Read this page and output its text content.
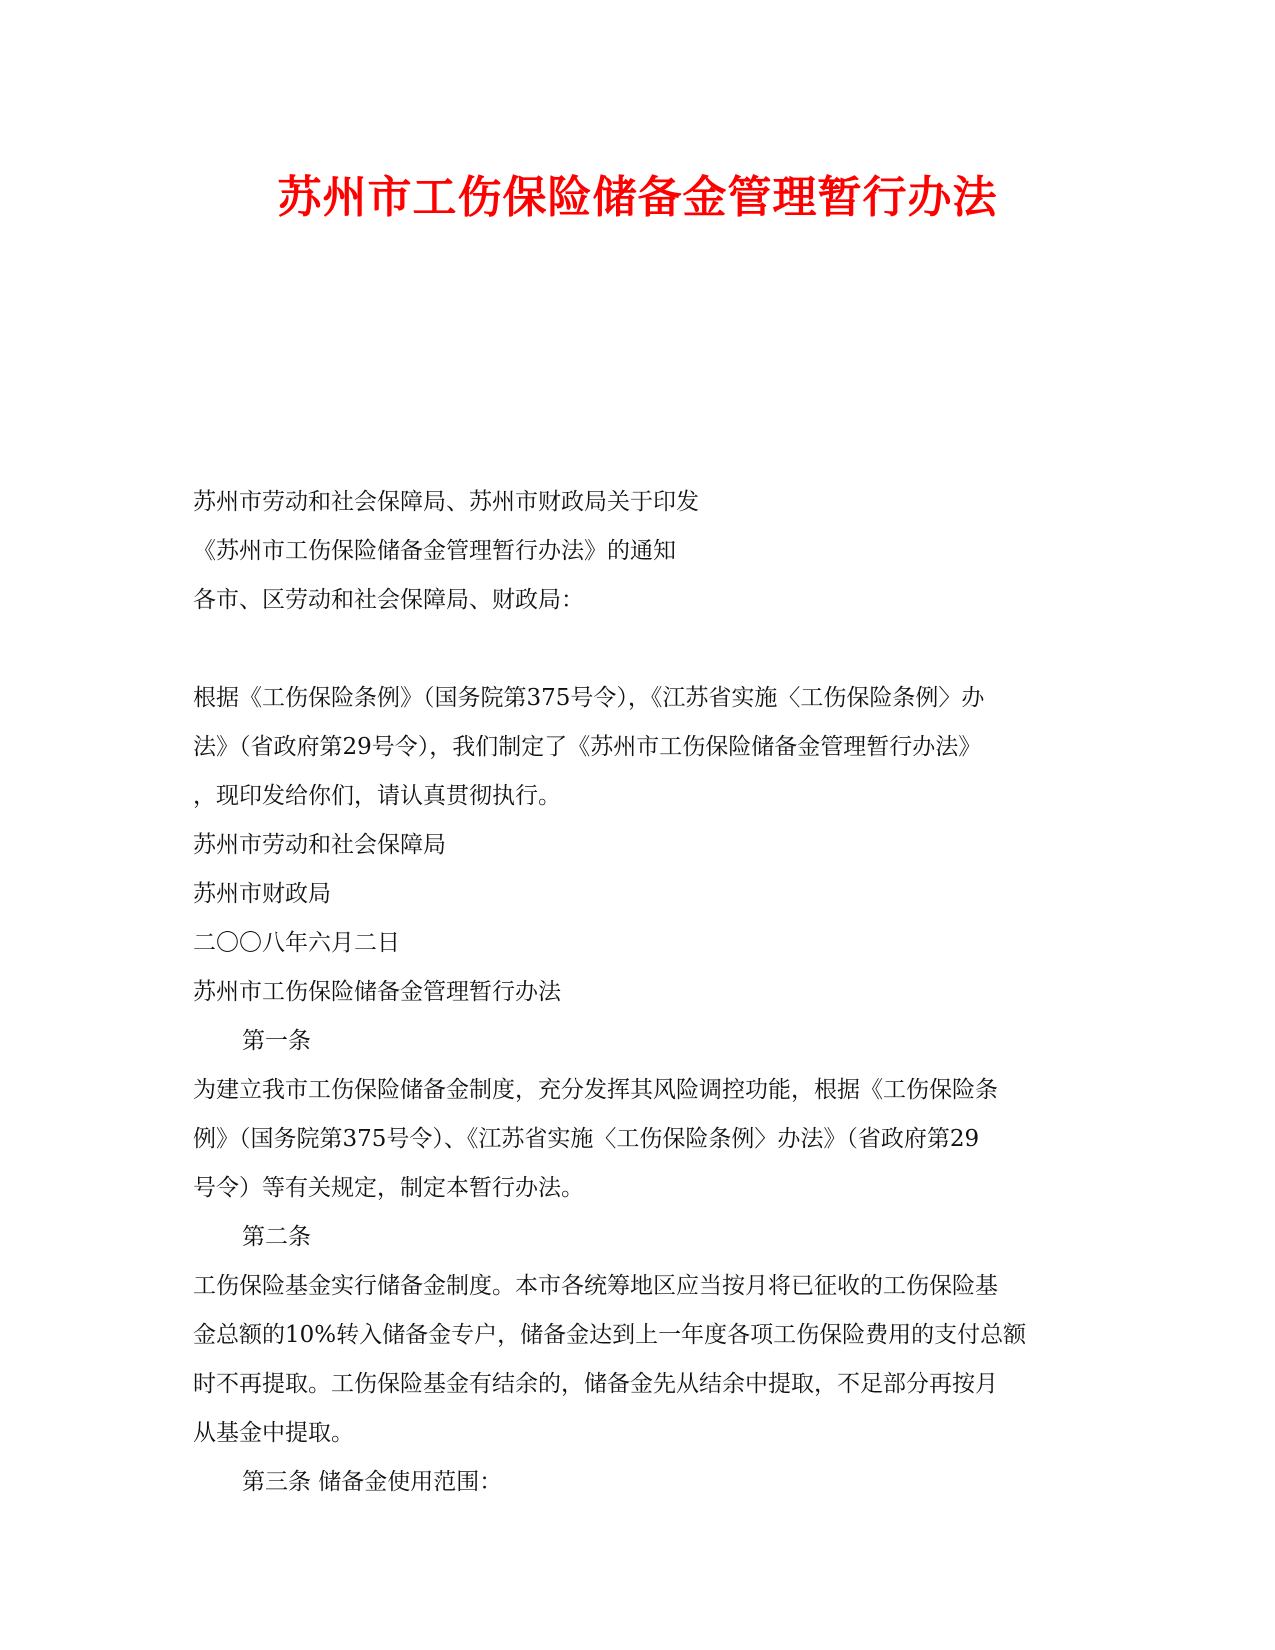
苏州市工伤保险储备金管理暂行办法
苏州市劳动和社会保障局、苏州市财政局关于印发
《苏州市工伤保险储备金管理暂行办法》的通知
各市、区劳动和社会保障局、财政局：
根据《工伤保险条例》（国务院第375号令），《江苏省实施〈工伤保险条例〉办
法》（省政府第29号令），我们制定了《苏州市工伤保险储备金管理暂行办法》
，现印发给你们，请认真贯彻执行。
苏州市劳动和社会保障局
苏州市财政局
二〇〇八年六月二日
苏州市工伤保险储备金管理暂行办法
第一条
为建立我市工伤保险储备金制度，充分发挥其风险调控功能，根据《工伤保险条
例》（国务院第375号令）、《江苏省实施〈工伤保险条例〉办法》（省政府第29
号令）等有关规定，制定本暂行办法。
第二条
工伤保险基金实行储备金制度。本市各统筹地区应当按月将已征收的工伤保险基
金总额的10%转入储备金专户，储备金达到上一年度各项工伤保险费用的支付总额
时不再提取。工伤保险基金有结余的，储备金先从结余中提取，不足部分再按月
从基金中提取。
第三条 储备金使用范围：
